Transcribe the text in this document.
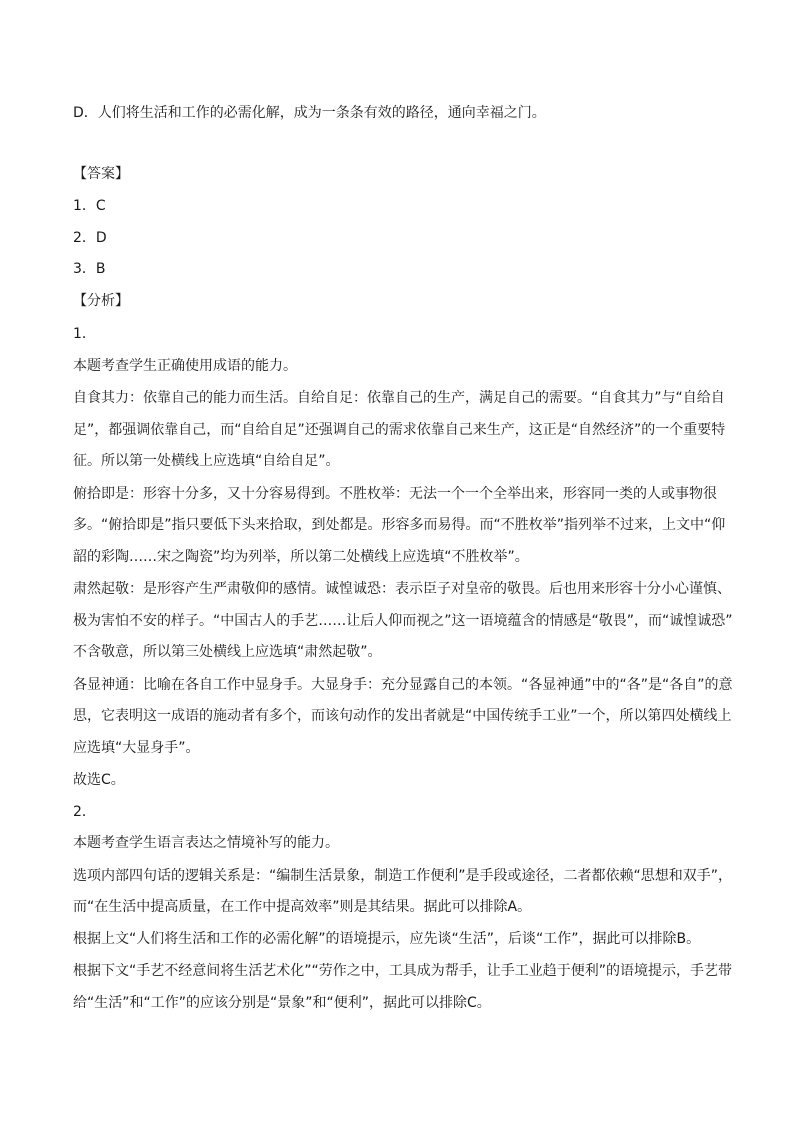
D．人们将生活和工作的必需化解，成为一条条有效的路径，通向幸福之门。
【答案】
1．C
2．D
3．B
【分析】
1．
本题考查学生正确使用成语的能力。
自食其力：依靠自己的能力而生活。自给自足：依靠自己的生产，满足自己的需要。“自食其力”与“自给自
足”，都强调依靠自己，而“自给自足”还强调自己的需求依靠自己来生产，这正是“自然经济”的一个重要特
征。所以第一处横线上应选填“自给自足”。
俯拾即是：形容十分多，又十分容易得到。不胜枚举：无法一个一个全举出来，形容同一类的人或事物很
多。“俯拾即是”指只要低下头来拾取，到处都是。形容多而易得。而“不胜枚举”指列举不过来，上文中“仰
韶的彩陶……宋之陶瓷”均为列举，所以第二处横线上应选填“不胜枚举”。
肃然起敬：是形容产生严肃敬仰的感情。诚惶诚恐：表示臣子对皇帝的敬畏。后也用来形容十分小心谨慎、
极为害怕不安的样子。“中国古人的手艺……让后人仰而视之”这一语境蕴含的情感是“敬畏”，而“诚惶诚恐”
不含敬意，所以第三处横线上应选填“肃然起敬”。
各显神通：比喻在各自工作中显身手。大显身手：充分显露自己的本领。“各显神通”中的“各”是“各自”的意
思，它表明这一成语的施动者有多个，而该句动作的发出者就是“中国传统手工业”一个，所以第四处横线上
应选填“大显身手”。
故选C。
2．
本题考查学生语言表达之情境补写的能力。
选项内部四句话的逻辑关系是：“编制生活景象，制造工作便利”是手段或途径，二者都依赖“思想和双手”，
而“在生活中提高质量，在工作中提高效率”则是其结果。据此可以排除A。
根据上文“人们将生活和工作的必需化解”的语境提示，应先谈“生活”，后谈“工作”，据此可以排除B。
根据下文“手艺不经意间将生活艺术化”“劳作之中，工具成为帮手，让手工业趋于便利”的语境提示，手艺带
给“生活”和“工作”的应该分别是“景象”和“便利”，据此可以排除C。
